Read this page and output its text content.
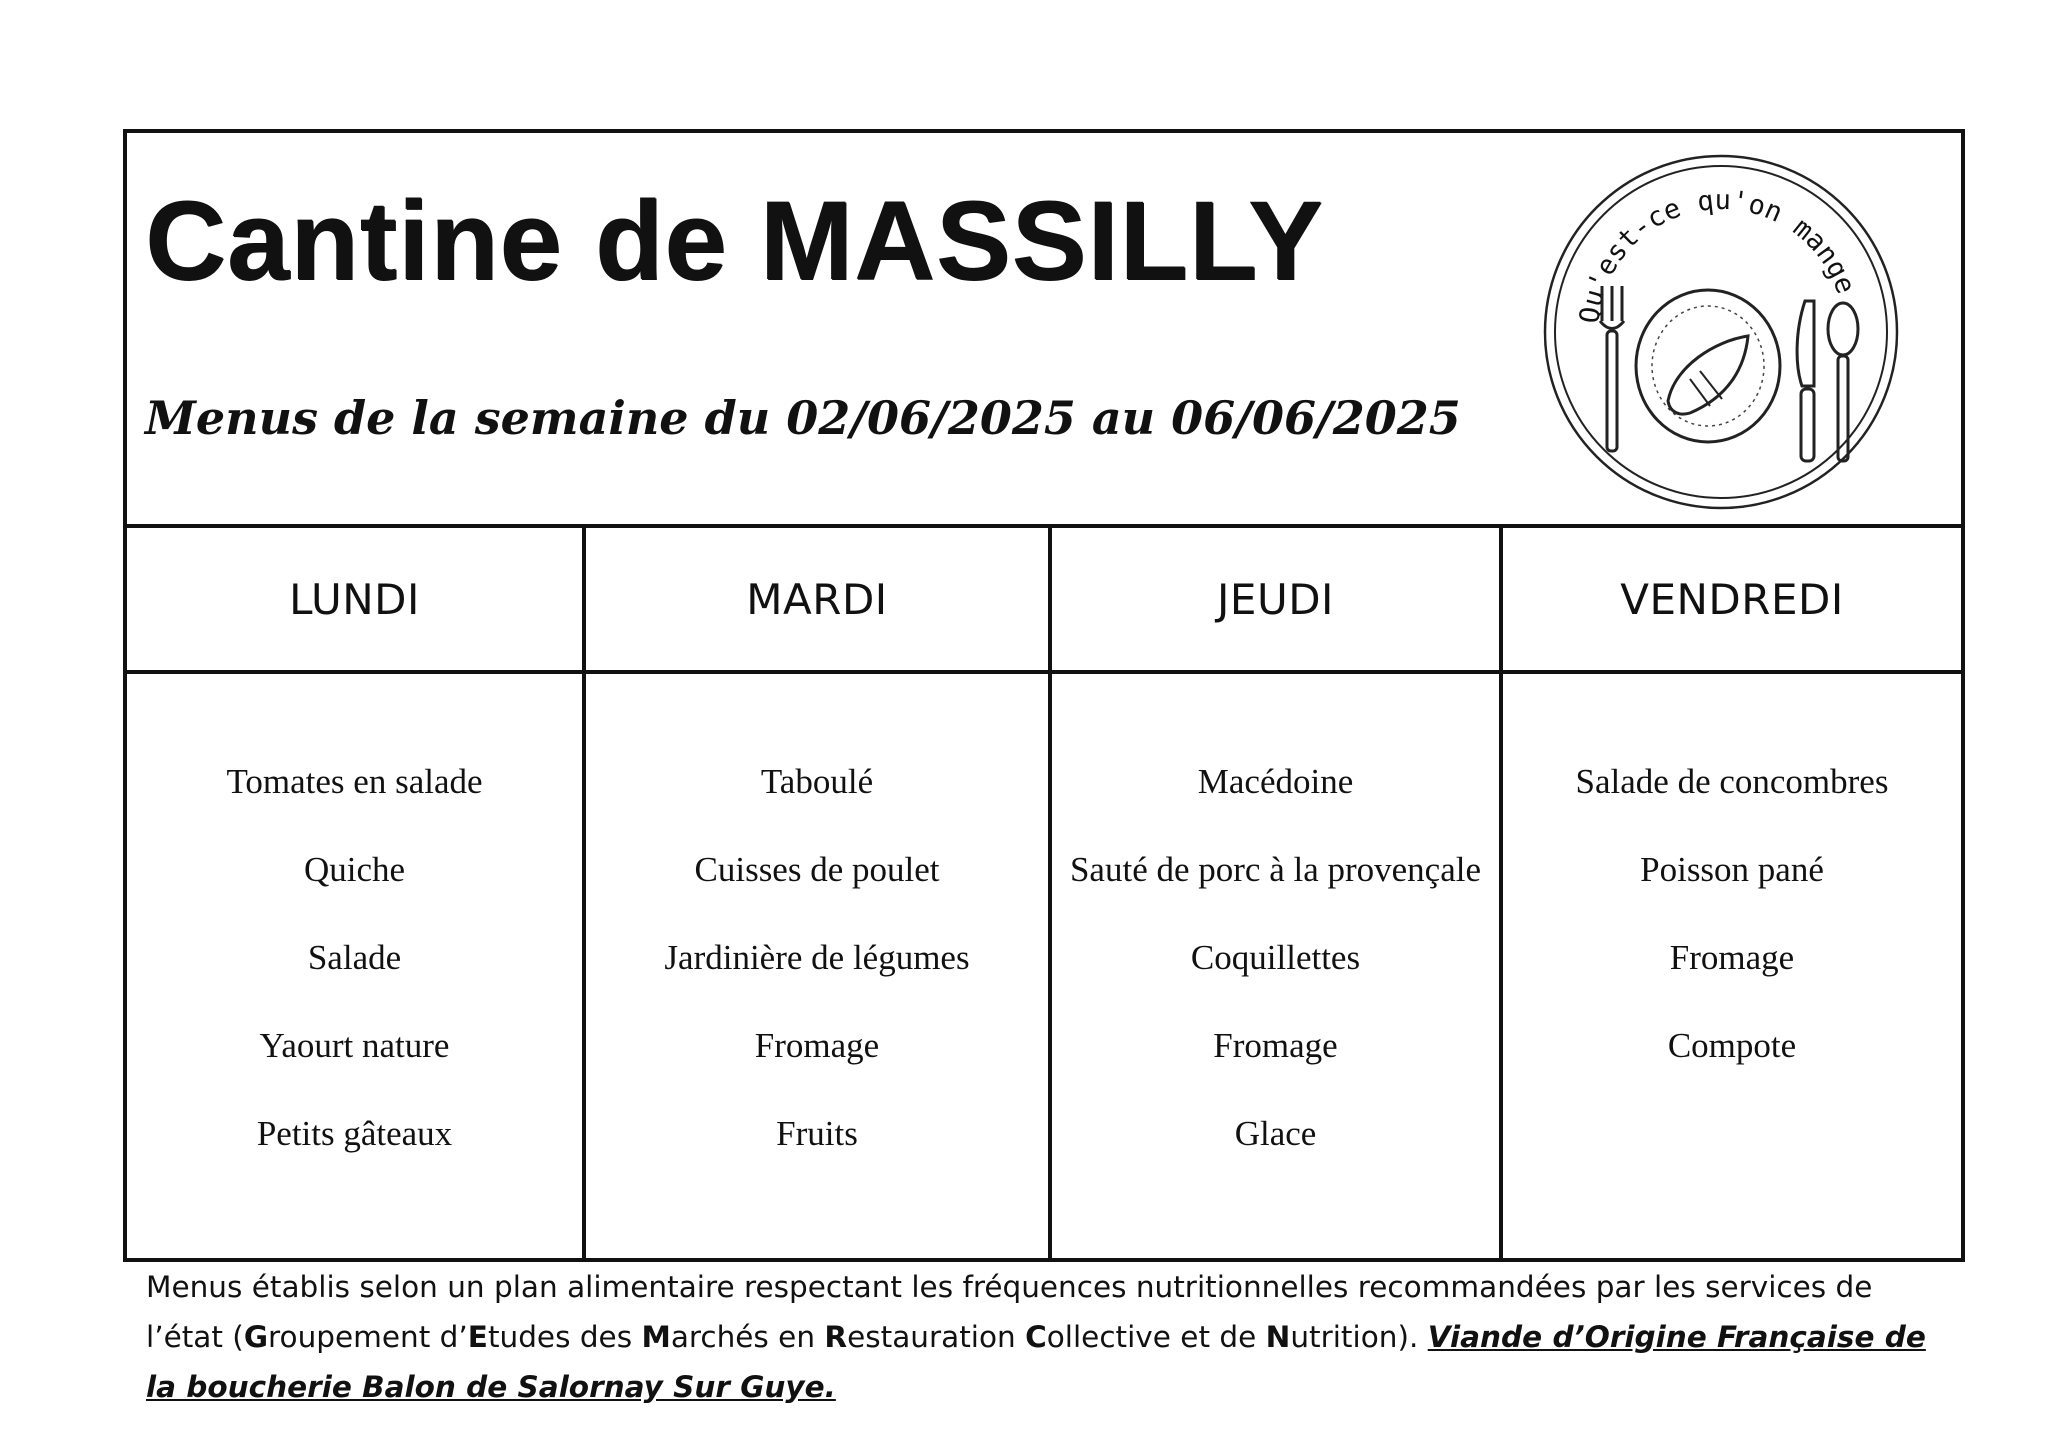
Cantine de MASSILLY

Menus de la semaine du 02/06/2025 au 06/06/2025

Qu'est-ce qu'on mange
LUNDI
Tomates en salade
Quiche
Salade
Yaourt nature
Petits gâteaux
MARDI
Taboulé
Cuisses de poulet
Jardinière de légumes
Fromage
Fruits
JEUDI
Macédoine
Sauté de porc à la provençale
Coquillettes
Fromage
Glace
VENDREDI
Salade de concombres
Poisson pané
Fromage
Compote

Menus établis selon un plan alimentaire respectant les fréquences nutritionnelles recommandées par les services de l’état (Groupement d’Etudes des Marchés en Restauration Collective et de Nutrition). Viande d’Origine Française de la boucherie Balon de Salornay Sur Guye.
